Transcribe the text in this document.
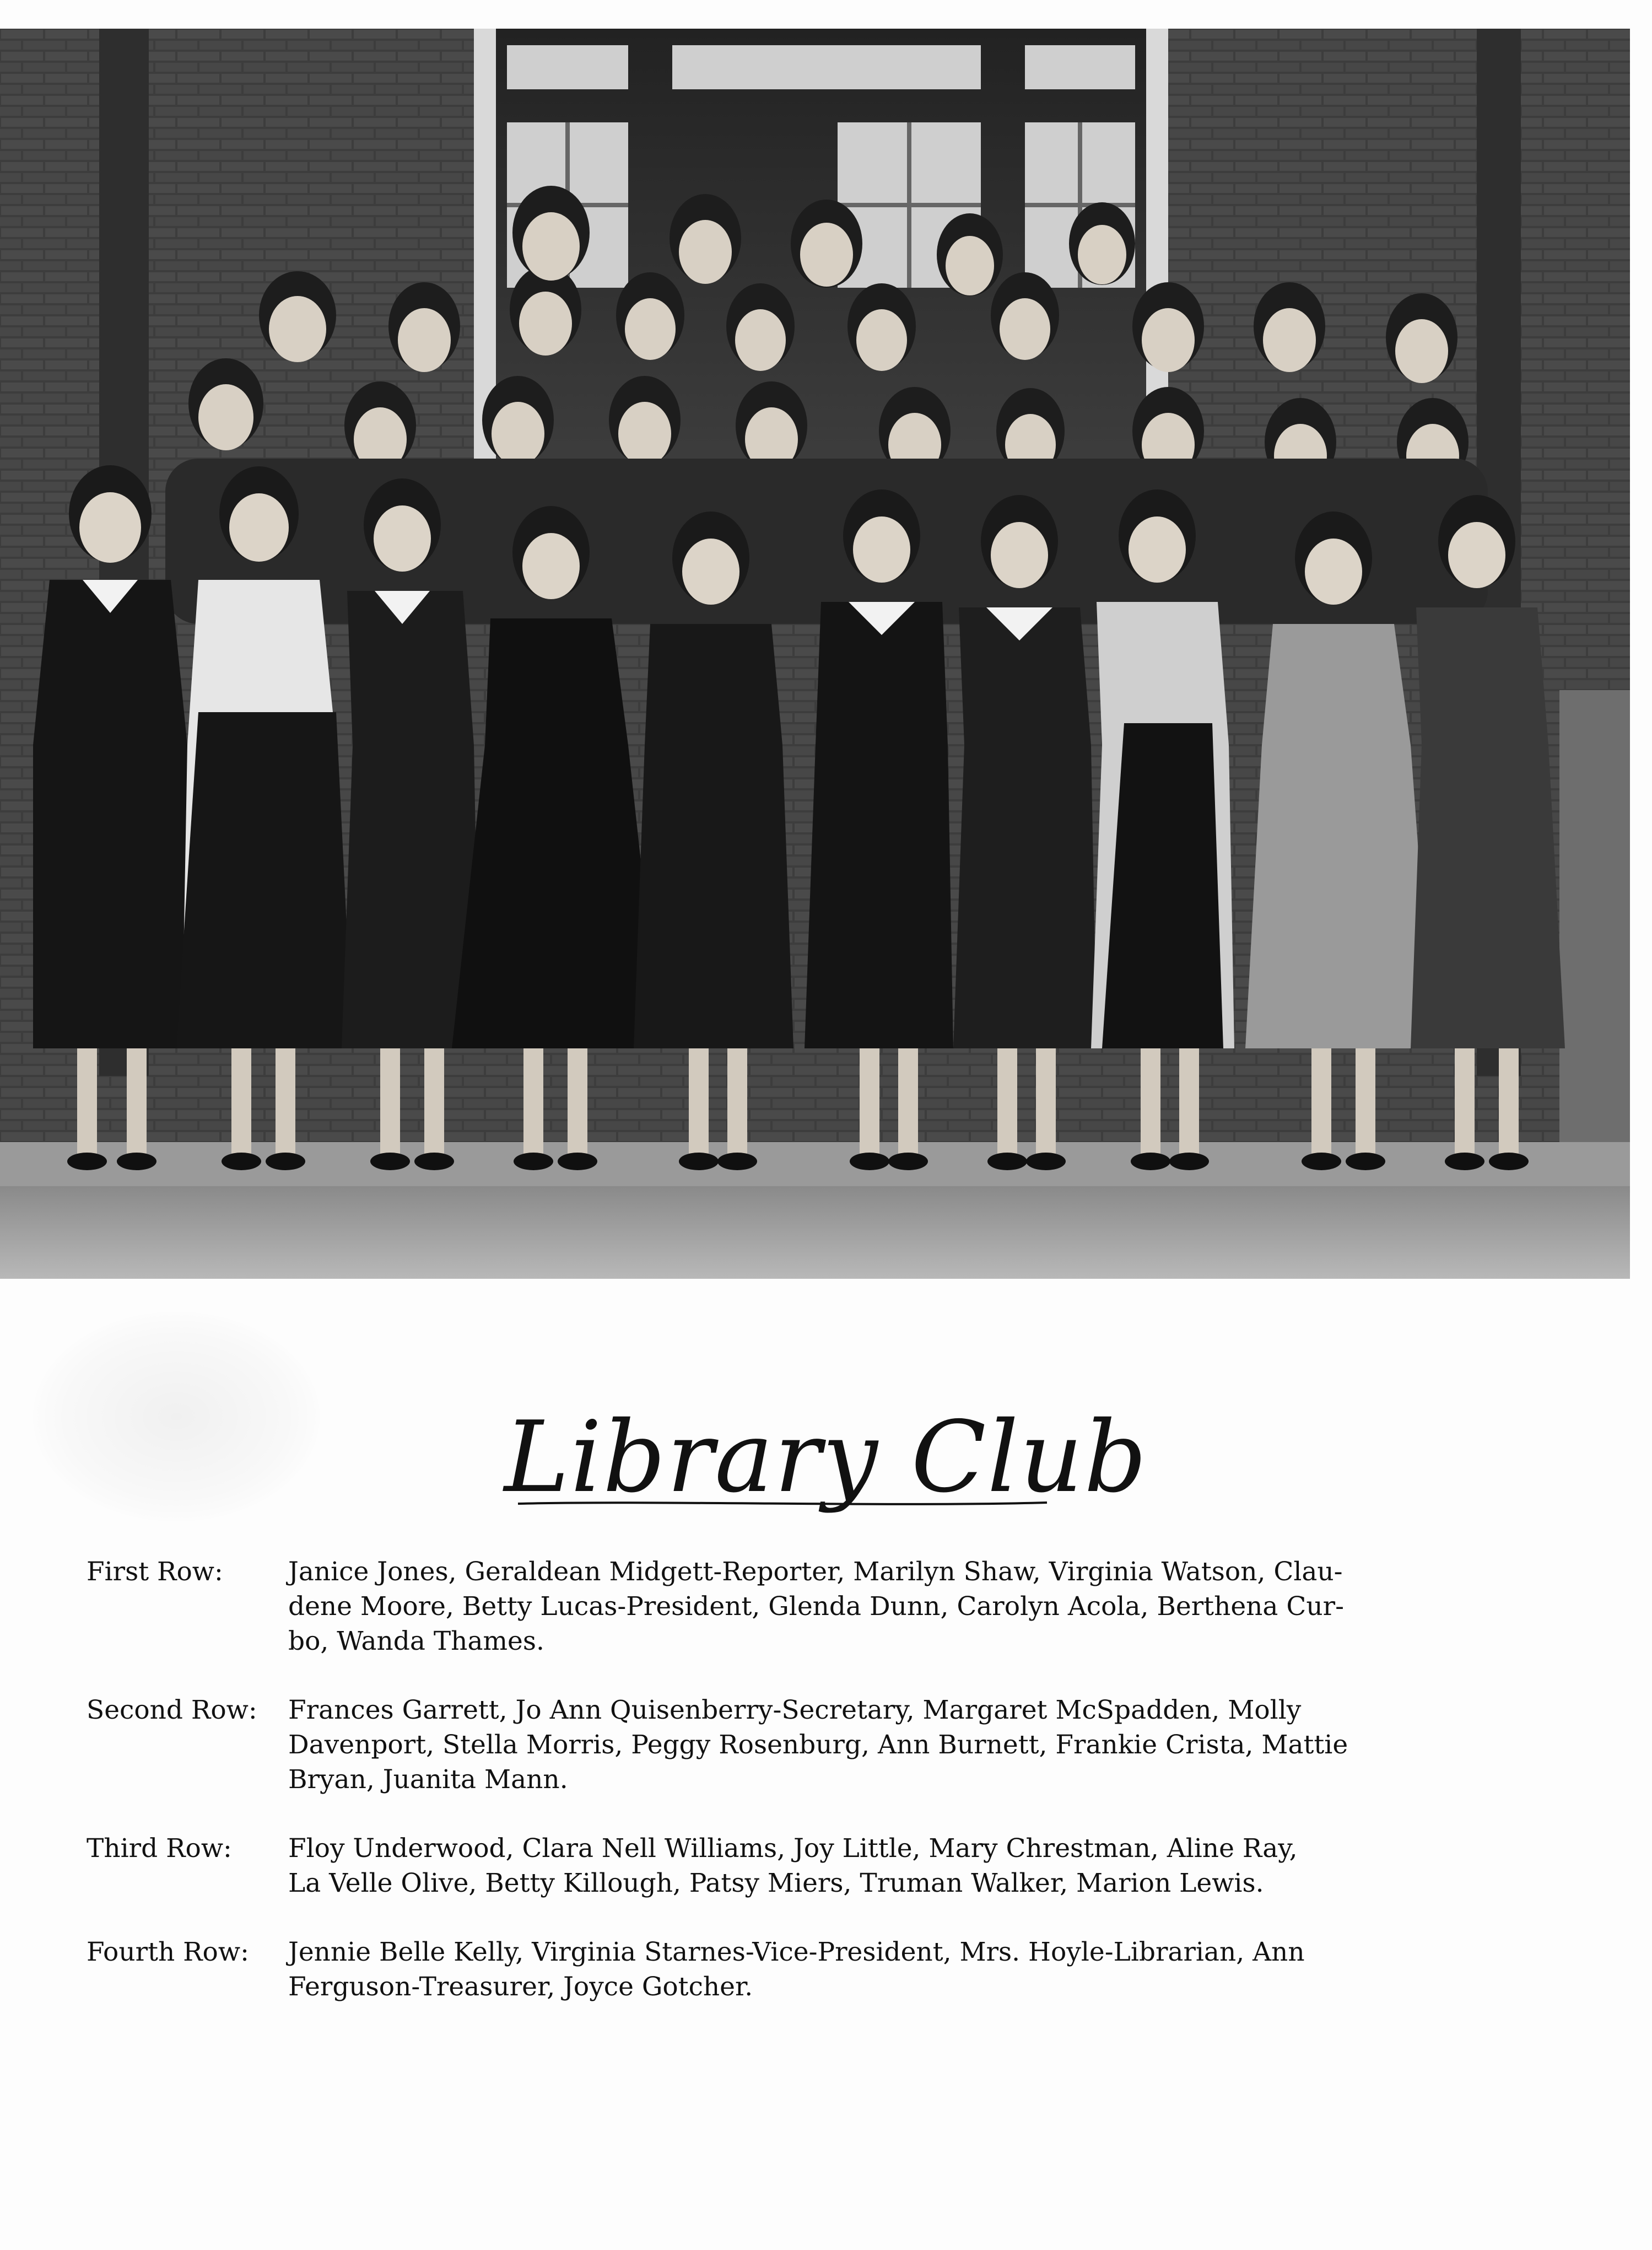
Library Club
First Row:	Janice Jones, Geraldean Midgett-Reporter, Marilyn Shaw, Virginia Watson, Clau-
dene Moore, Betty Lucas-President, Glenda Dunn, Carolyn Acola, Berthena Cur-
bo, Wanda Thames.
Second Row:	Frances Garrett, Jo Ann Quisenberry-Secretary, Margaret McSpadden, Molly
Davenport, Stella Morris, Peggy Rosenburg, Ann Burnett, Frankie Crista, Mattie
Bryan, Juanita Mann.
Third Row:	Floy Underwood, Clara Nell Williams, Joy Little, Mary Chrestman, Aline Ray,
La Velle Olive, Betty Killough, Patsy Miers, Truman Walker, Marion Lewis.
Fourth Row:	Jennie Belle Kelly, Virginia Starnes-Vice-President, Mrs. Hoyle-Librarian, Ann
Ferguson-Treasurer, Joyce Gotcher.
